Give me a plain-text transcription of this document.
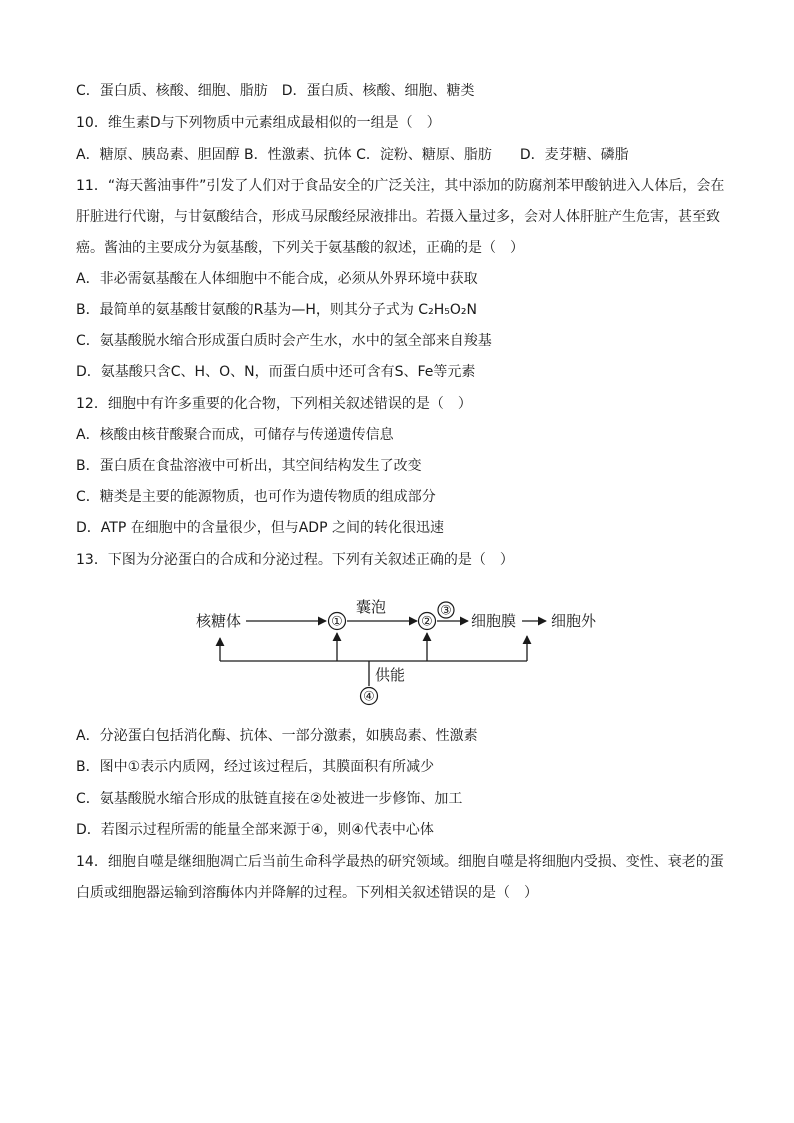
C．蛋白质、核酸、细胞、脂肪　D．蛋白质、核酸、细胞、糖类
10．维生素D与下列物质中元素组成最相似的一组是（　）
A．糖原、胰岛素、胆固醇 B．性激素、抗体 C．淀粉、糖原、脂肪　　D．麦芽糖、磷脂
11．“海天酱油事件”引发了人们对于食品安全的广泛关注，其中添加的防腐剂苯甲酸钠进入人体后，会在
肝脏进行代谢，与甘氨酸结合，形成马尿酸经尿液排出。若摄入量过多，会对人体肝脏产生危害，甚至致
癌。酱油的主要成分为氨基酸，下列关于氨基酸的叙述，正确的是（　）
A．非必需氨基酸在人体细胞中不能合成，必须从外界环境中获取
B．最简单的氨基酸甘氨酸的R基为—H，则其分子式为 C₂H₅O₂N
C．氨基酸脱水缩合形成蛋白质时会产生水，水中的氢全部来自羧基
D．氨基酸只含C、H、O、N，而蛋白质中还可含有S、Fe等元素
12．细胞中有许多重要的化合物，下列相关叙述错误的是（　）
A．核酸由核苷酸聚合而成，可储存与传递遗传信息
B．蛋白质在食盐溶液中可析出，其空间结构发生了改变
C．糖类是主要的能源物质，也可作为遗传物质的组成部分
D．ATP 在细胞中的含量很少，但与ADP 之间的转化很迅速
13．下图为分泌蛋白的合成和分泌过程。下列有关叙述正确的是（　）
核糖体	①
囊泡
②
③
细胞膜 细胞外
供能
④
A．分泌蛋白包括消化酶、抗体、一部分激素，如胰岛素、性激素
B．图中①表示内质网，经过该过程后，其膜面积有所减少
C．氨基酸脱水缩合形成的肽链直接在②处被进一步修饰、加工
D．若图示过程所需的能量全部来源于④，则④代表中心体
14．细胞自噬是继细胞凋亡后当前生命科学最热的研究领域。细胞自噬是将细胞内受损、变性、衰老的蛋
白质或细胞器运输到溶酶体内并降解的过程。下列相关叙述错误的是（　）
